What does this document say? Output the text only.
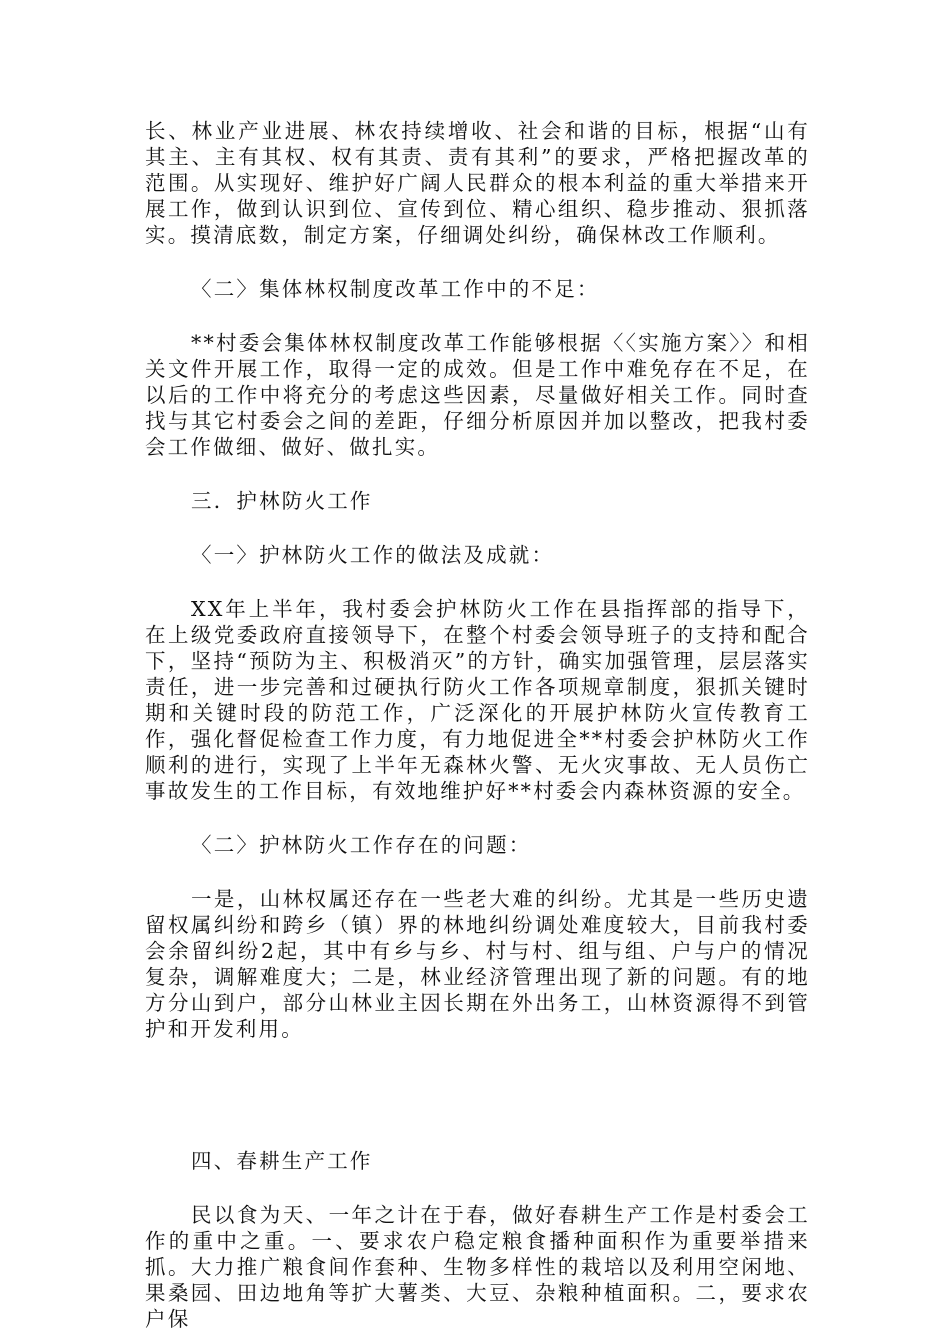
长、林业产业进展、林农持续增收、社会和谐的目标，根据“山有其主、主有其权、权有其责、责有其利”的要求，严格把握改革的范围。从实现好、维护好广阔人民群众的根本利益的重大举措来开展工作，做到认识到位、宣传到位、精心组织、稳步推动、狠抓落实。摸清底数，制定方案，仔细调处纠纷，确保林改工作顺利。

〈二〉集体林权制度改革工作中的不足：

**村委会集体林权制度改革工作能够根据〈〈实施方案〉〉和相关文件开展工作，取得一定的成效。但是工作中难免存在不足，在以后的工作中将充分的考虑这些因素，尽量做好相关工作。同时查找与其它村委会之间的差距，仔细分析原因并加以整改，把我村委会工作做细、做好、做扎实。

三．护林防火工作

〈一〉护林防火工作的做法及成就：

XX年上半年，我村委会护林防火工作在县指挥部的指导下，在上级党委政府直接领导下，在整个村委会领导班子的支持和配合下，坚持“预防为主、积极消灭”的方针，确实加强管理，层层落实责任，进一步完善和过硬执行防火工作各项规章制度，狠抓关键时期和关键时段的防范工作，广泛深化的开展护林防火宣传教育工作，强化督促检查工作力度，有力地促进全**村委会护林防火工作顺利的进行，实现了上半年无森林火警、无火灾事故、无人员伤亡事故发生的工作目标，有效地维护好**村委会内森林资源的安全。

〈二〉护林防火工作存在的问题：

一是，山林权属还存在一些老大难的纠纷。尤其是一些历史遗留权属纠纷和跨乡（镇）界的林地纠纷调处难度较大，目前我村委会余留纠纷2起，其中有乡与乡、村与村、组与组、户与户的情况复杂，调解难度大；二是，林业经济管理出现了新的问题。有的地方分山到户，部分山林业主因长期在外出务工，山林资源得不到管护和开发利用。

四、春耕生产工作

民以食为天、一年之计在于春，做好春耕生产工作是村委会工作的重中之重。一、要求农户稳定粮食播种面积作为重要举措来抓。大力推广粮食间作套种、生物多样性的栽培以及利用空闲地、果桑园、田边地角等扩大薯类、大豆、杂粮种植面积。二，要求农户保
